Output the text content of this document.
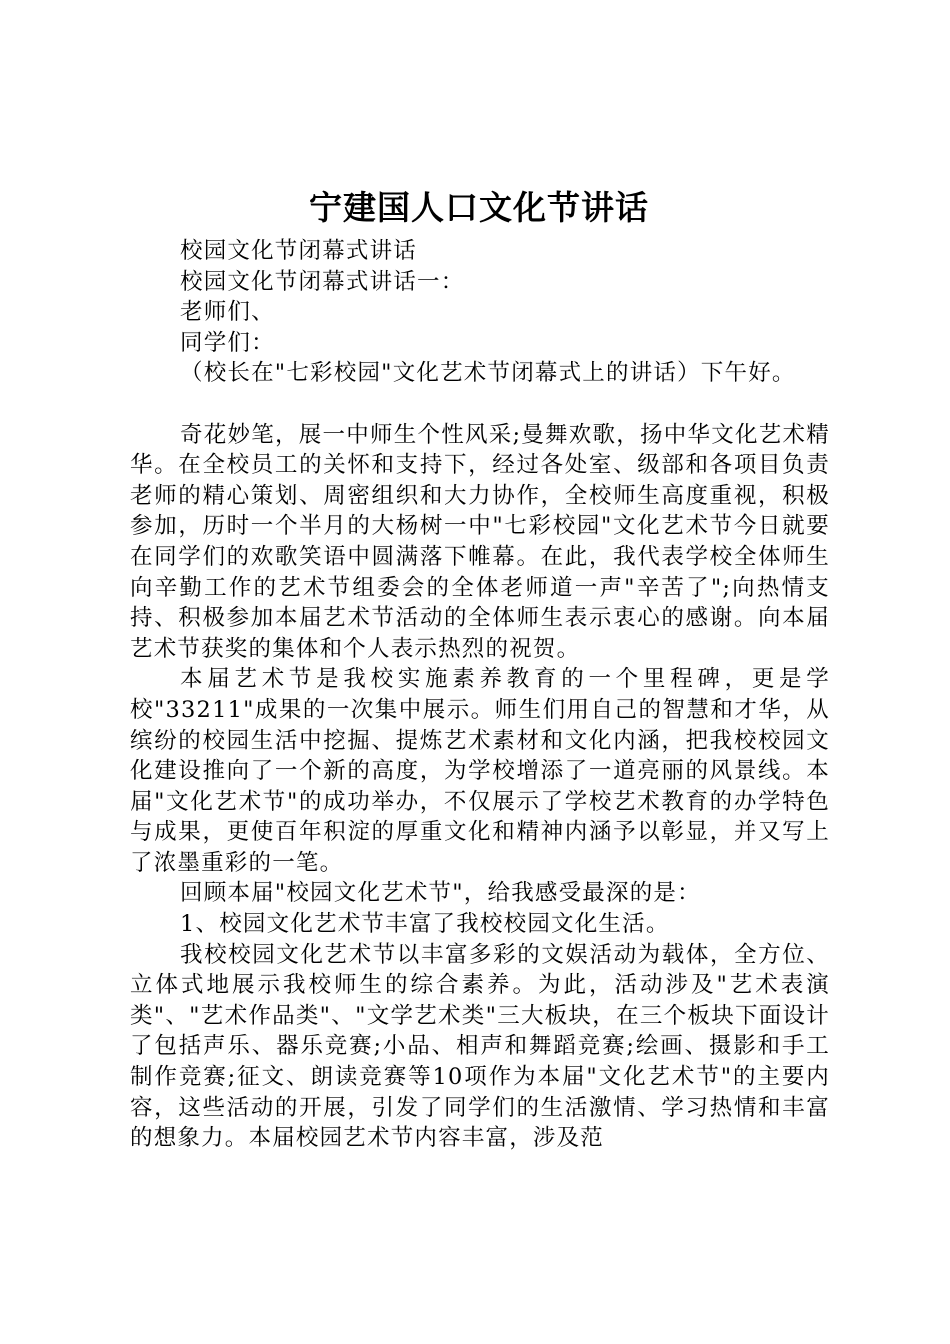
宁建国人口文化节讲话

校园文化节闭幕式讲话

校园文化节闭幕式讲话一：

老师们、

同学们：

（校长在"七彩校园"文化艺术节闭幕式上的讲话）下午好。

奇花妙笔，展一中师生个性风采;曼舞欢歌，扬中华文化艺术精华。在全校员工的关怀和支持下，经过各处室、级部和各项目负责老师的精心策划、周密组织和大力协作，全校师生高度重视，积极参加，历时一个半月的大杨树一中"七彩校园"文化艺术节今日就要在同学们的欢歌笑语中圆满落下帷幕。在此，我代表学校全体师生向辛勤工作的艺术节组委会的全体老师道一声"辛苦了";向热情支持、积极参加本届艺术节活动的全体师生表示衷心的感谢。向本届艺术节获奖的集体和个人表示热烈的祝贺。

本届艺术节是我校实施素养教育的一个里程碑，更是学校"33211"成果的一次集中展示。师生们用自己的智慧和才华，从缤纷的校园生活中挖掘、提炼艺术素材和文化内涵，把我校校园文化建设推向了一个新的高度，为学校增添了一道亮丽的风景线。本届"文化艺术节"的成功举办，不仅展示了学校艺术教育的办学特色与成果，更使百年积淀的厚重文化和精神内涵予以彰显，并又写上了浓墨重彩的一笔。

回顾本届"校园文化艺术节"，给我感受最深的是：

1、校园文化艺术节丰富了我校校园文化生活。

我校校园文化艺术节以丰富多彩的文娱活动为载体，全方位、立体式地展示我校师生的综合素养。为此，活动涉及"艺术表演类"、"艺术作品类"、"文学艺术类"三大板块，在三个板块下面设计了包括声乐、器乐竞赛;小品、相声和舞蹈竞赛;绘画、摄影和手工制作竞赛;征文、朗读竞赛等10项作为本届"文化艺术节"的主要内容，这些活动的开展，引发了同学们的生活激情、学习热情和丰富的想象力。本届校园艺术节内容丰富，涉及范
